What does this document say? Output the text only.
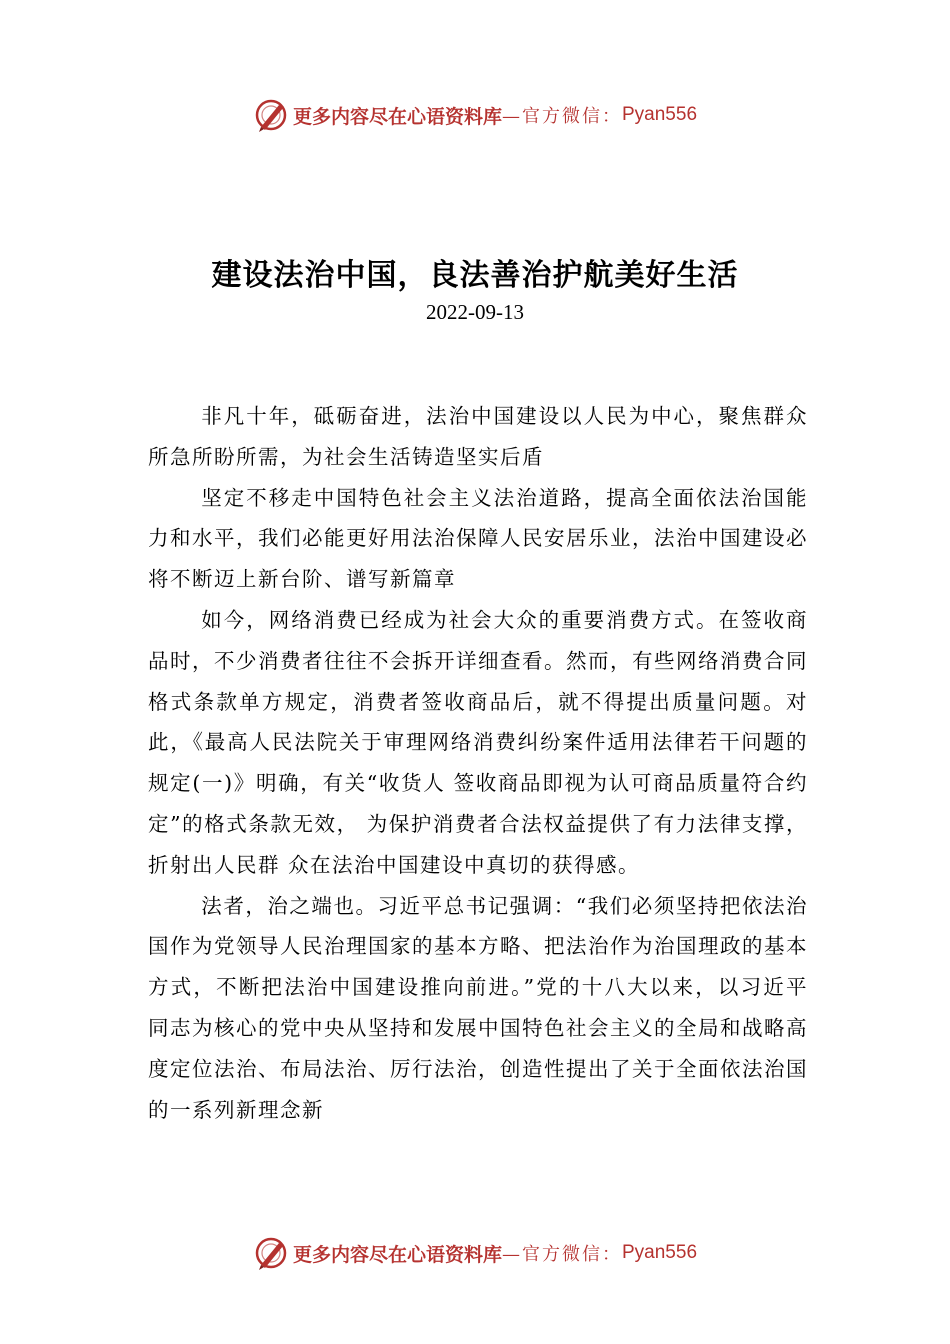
更多内容尽在心语资料库 —官方微信： Pyan556
建设法治中国，良法善治护航美好生活
2022-09-13

非凡十年，砥砺奋进，法治中国建设以人民为中心，聚焦群众所急所盼所需，为社会生活铸造坚实后盾

坚定不移走中国特色社会主义法治道路，提高全面依法治国能力和水平，我们必能更好用法治保障人民安居乐业，法治中国建设必将不断迈上新台阶、谱写新篇章

如今，网络消费已经成为社会大众的重要消费方式。在签收商品时，不少消费者往往不会拆开详细查看。然而，有些网络消费合同格式条款单方规定，消费者签收商品后，就不得提出质量问题。对此，《最高人民法院关于审理网络消费纠纷案件适用法律若干问题的规定(一)》明确，有关“收货人 签收商品即视为认可商品质量符合约定”的格式条款无效， 为保护消费者合法权益提供了有力法律支撑，折射出人民群 众在法治中国建设中真切的获得感。

法者，治之端也。习近平总书记强调：“我们必须坚持把依法治国作为党领导人民治理国家的基本方略、把法治作为治国理政的基本方式，不断把法治中国建设推向前进。”党的十八大以来，以习近平同志为核心的党中央从坚持和发展中国特色社会主义的全局和战略高度定位法治、布局法治、厉行法治，创造性提出了关于全面依法治国的一系列新理念新

更多内容尽在心语资料库 —官方微信： Pyan556
